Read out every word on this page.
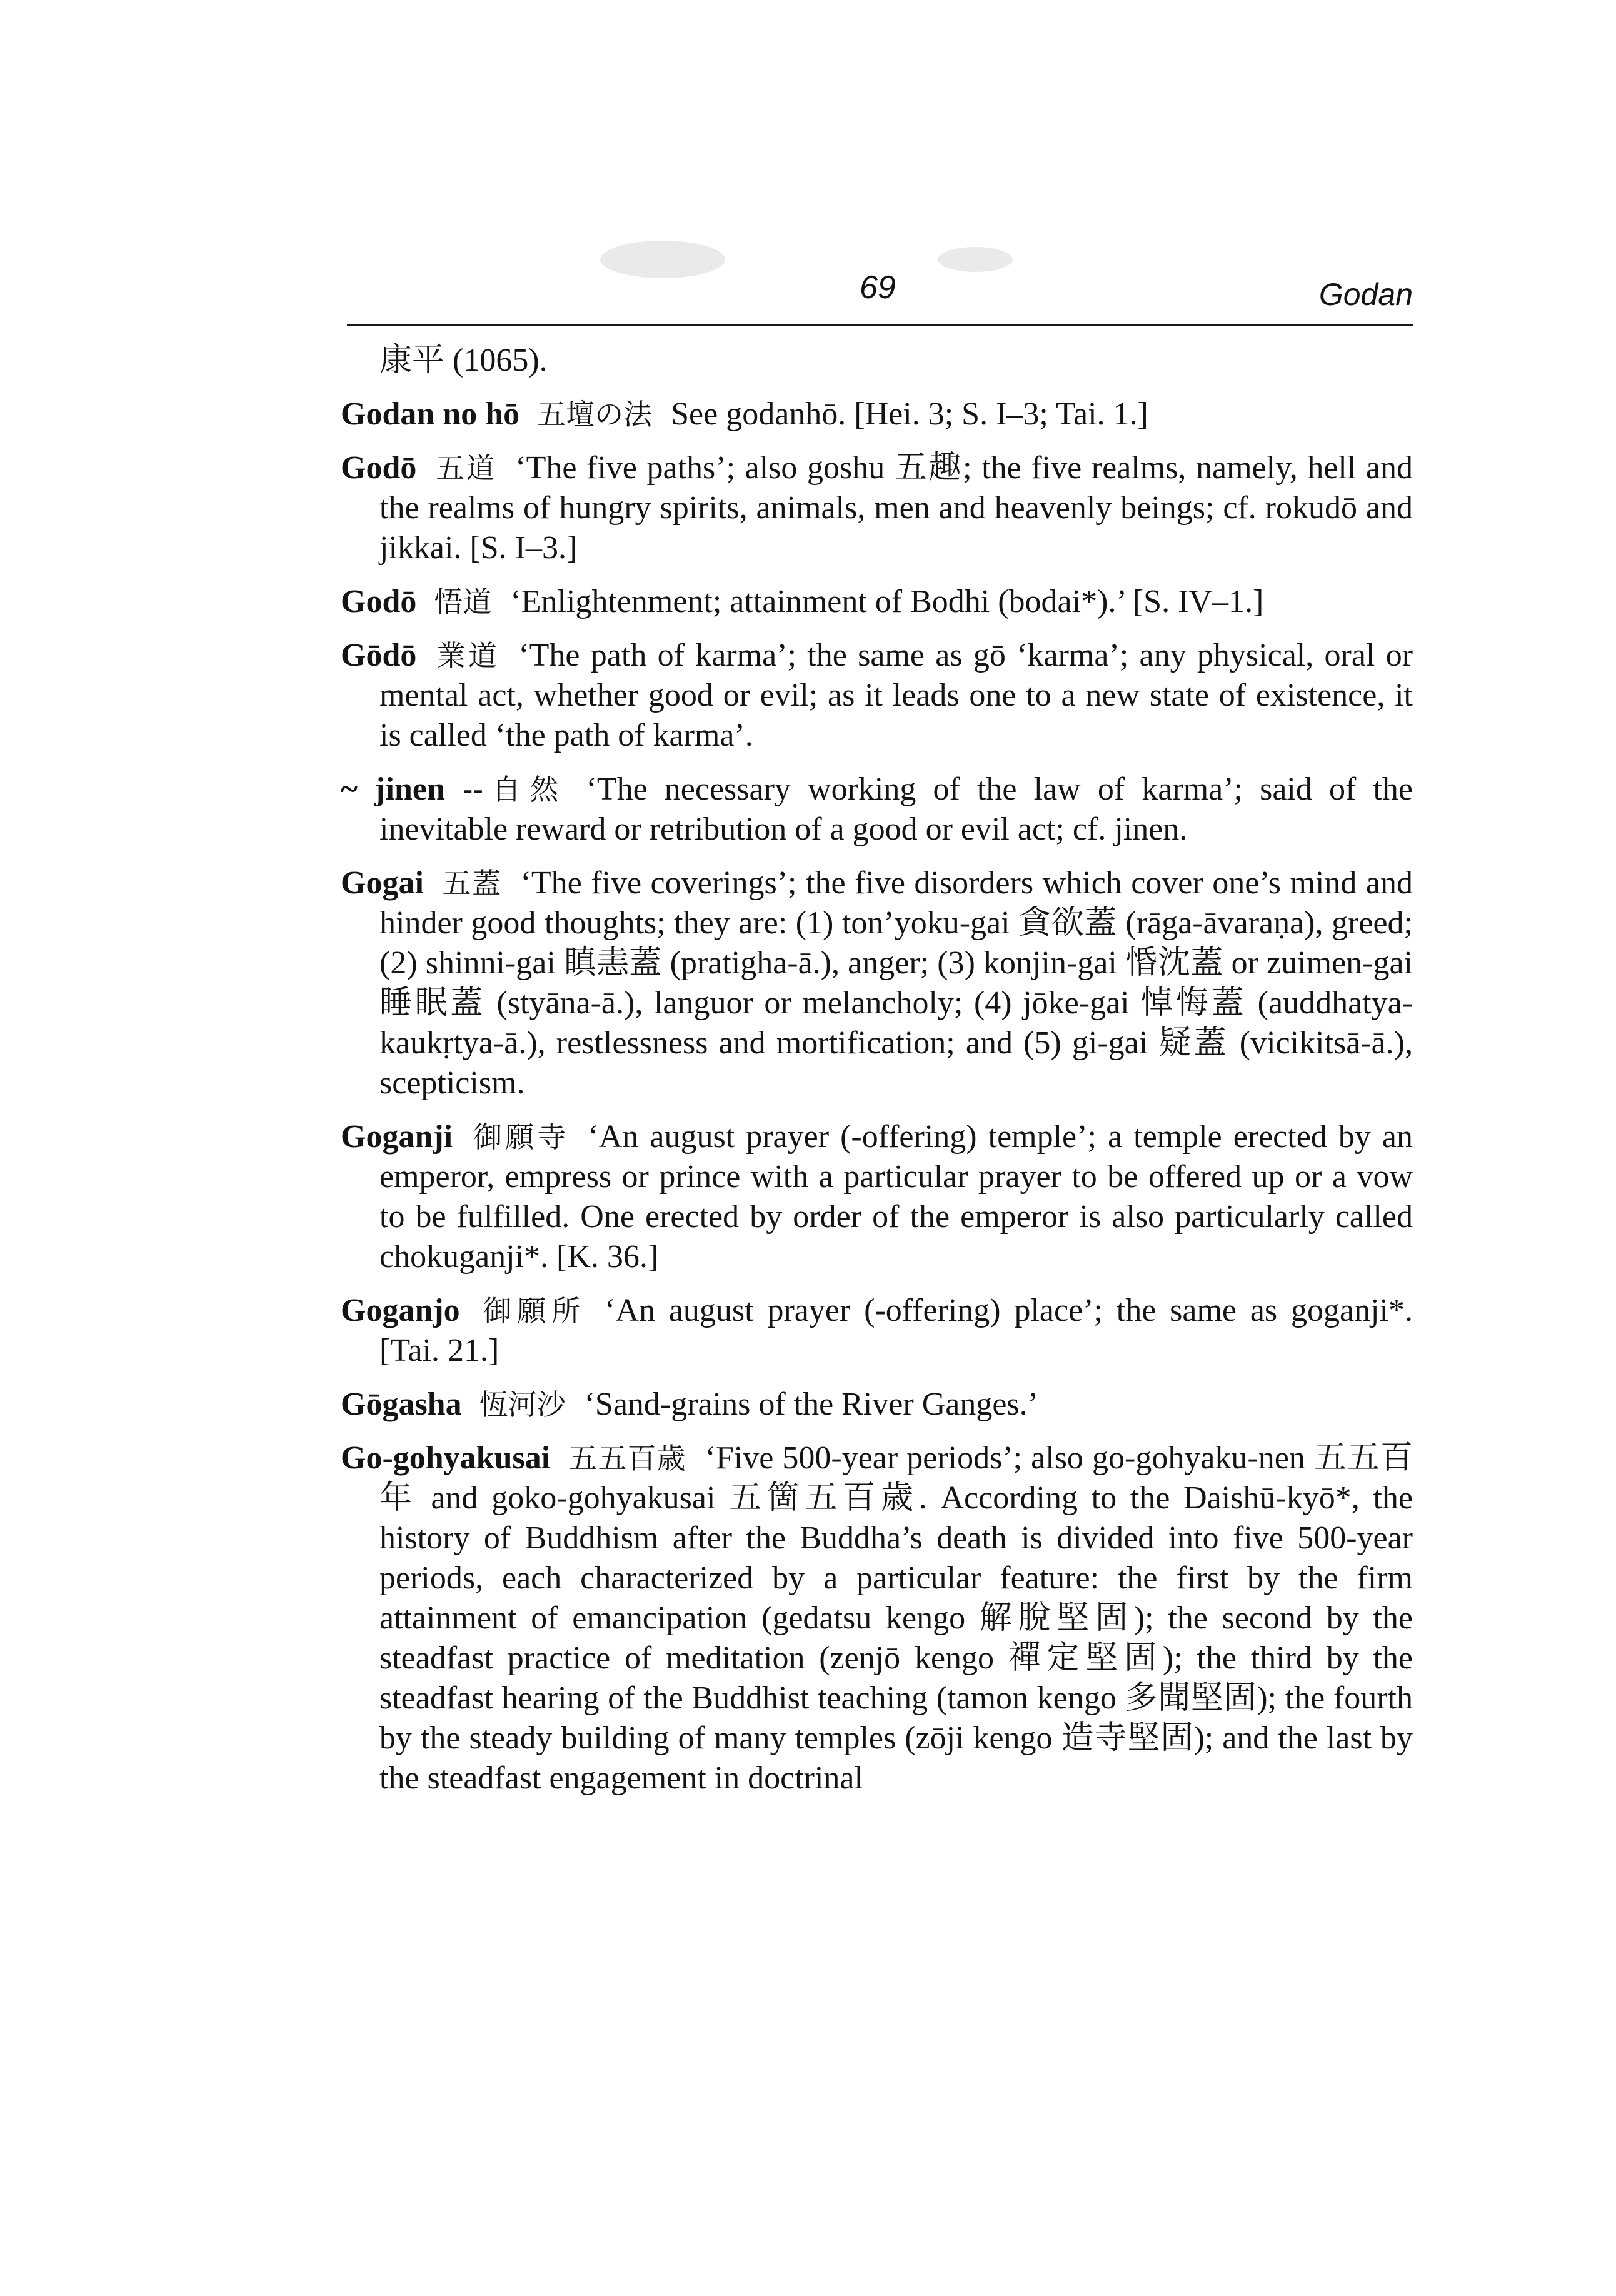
69	Godan

康平 (1065).

Godan no hō 五壇の法 See godanhō. [Hei. 3; S. I–3; Tai. 1.]

Godō 五道 ‘The five paths’; also goshu 五趣; the five realms, namely, hell and the realms of hungry spirits, animals, men and heavenly beings; cf. rokudō and jikkai. [S. I–3.]

Godō 悟道 ‘Enlightenment; attainment of Bodhi (bodai*).’ [S. IV–1.]

Gōdō 業道 ‘The path of karma’; the same as gō ‘karma’; any physical, oral or mental act, whether good or evil; as it leads one to a new state of existence, it is called ‘the path of karma’.

~ jinen --自然 ‘The necessary working of the law of karma’; said of the inevitable reward or retribution of a good or evil act; cf. jinen.

Gogai 五蓋 ‘The five coverings’; the five disorders which cover one’s mind and hinder good thoughts; they are: (1) ton’yoku-gai 貪欲蓋 (rāga-āvaraṇa), greed; (2) shinni-gai 瞋恚蓋 (pratigha-ā.), anger; (3) konjin-gai 惛沈蓋 or zuimen-gai 睡眠蓋 (styāna-ā.), languor or melancholy; (4) jōke-gai 悼悔蓋 (auddhatya-kaukṛtya-ā.), restlessness and mortification; and (5) gi-gai 疑蓋 (vicikitsā-ā.), scepticism.

Goganji 御願寺 ‘An august prayer (-offering) temple’; a temple erected by an emperor, empress or prince with a particular prayer to be offered up or a vow to be fulfilled. One erected by order of the emperor is also particularly called chokuganji*. [K. 36.]

Goganjo 御願所 ‘An august prayer (-offering) place’; the same as goganji*. [Tai. 21.]

Gōgasha 恆河沙 ‘Sand-grains of the River Ganges.’

Go-gohyakusai 五五百歳 ‘Five 500-year periods’; also go-gohyaku-nen 五五百年 and goko-gohyakusai 五箇五百歳. According to the Daishū-kyō*, the history of Buddhism after the Buddha’s death is divided into five 500-year periods, each characterized by a particular feature: the first by the firm attainment of emancipation (gedatsu kengo 解脫堅固); the second by the steadfast practice of meditation (zenjō kengo 禪定堅固); the third by the steadfast hearing of the Buddhist teaching (tamon kengo 多聞堅固); the fourth by the steady building of many temples (zōji kengo 造寺堅固); and the last by the steadfast engagement in doctrinal
